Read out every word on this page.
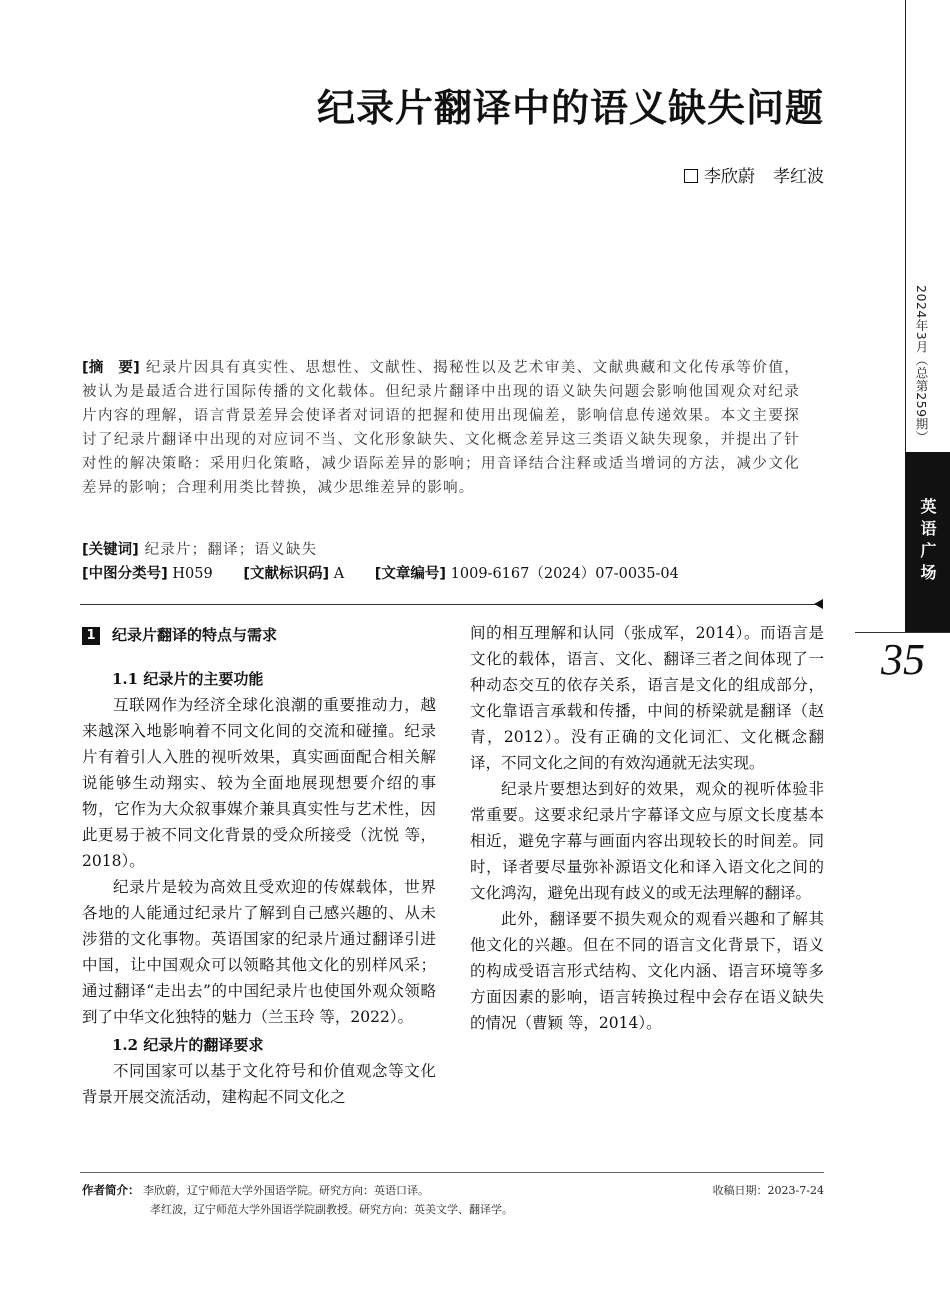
2024年3月（总第259期）
英语广场
35
纪录片翻译中的语义缺失问题
李欣蔚 孝红波
[摘　要] 纪录片因具有真实性、思想性、文献性、揭秘性以及艺术审美、文献典藏和文化传承等价值，被认为是最适合进行国际传播的文化载体。但纪录片翻译中出现的语义缺失问题会影响他国观众对纪录片内容的理解，语言背景差异会使译者对词语的把握和使用出现偏差，影响信息传递效果。本文主要探讨了纪录片翻译中出现的对应词不当、文化形象缺失、文化概念差异这三类语义缺失现象，并提出了针对性的解决策略：采用归化策略，减少语际差异的影响；用音译结合注释或适当增词的方法，减少文化差异的影响；合理利用类比替换，减少思维差异的影响。
[关键词] 纪录片；翻译；语义缺失
[中图分类号] H059 [文献标识码] A [文章编号] 1009-6167（2024）07-0035-04
1 纪录片翻译的特点与需求
1.1 纪录片的主要功能

互联网作为经济全球化浪潮的重要推动力，越来越深入地影响着不同文化间的交流和碰撞。纪录片有着引人入胜的视听效果，真实画面配合相关解说能够生动翔实、较为全面地展现想要介绍的事物，它作为大众叙事媒介兼具真实性与艺术性，因此更易于被不同文化背景的受众所接受（沈悦 等，2018）。

纪录片是较为高效且受欢迎的传媒载体，世界各地的人能通过纪录片了解到自己感兴趣的、从未涉猎的文化事物。英语国家的纪录片通过翻译引进中国，让中国观众可以领略其他文化的别样风采；通过翻译“走出去”的中国纪录片也使国外观众领略到了中华文化独特的魅力（兰玉玲 等，2022）。

1.2 纪录片的翻译要求

不同国家可以基于文化符号和价值观念等文化背景开展交流活动，建构起不同文化之

间的相互理解和认同（张成军，2014）。而语言是文化的载体，语言、文化、翻译三者之间体现了一种动态交互的依存关系，语言是文化的组成部分，文化靠语言承载和传播，中间的桥梁就是翻译（赵青，2012）。没有正确的文化词汇、文化概念翻译，不同文化之间的有效沟通就无法实现。

纪录片要想达到好的效果，观众的视听体验非常重要。这要求纪录片字幕译文应与原文长度基本相近，避免字幕与画面内容出现较长的时间差。同时，译者要尽量弥补源语文化和译入语文化之间的文化鸿沟，避免出现有歧义的或无法理解的翻译。

此外，翻译要不损失观众的观看兴趣和了解其他文化的兴趣。但在不同的语言文化背景下，语义的构成受语言形式结构、文化内涵、语言环境等多方面因素的影响，语言转换过程中会存在语义缺失的情况（曹颖 等，2014）。

作者简介： 李欣蔚，辽宁师范大学外国语学院。研究方向：英语口译。
孝红波，辽宁师范大学外国语学院副教授。研究方向：英美文学、翻译学。
收稿日期：2023-7-24
